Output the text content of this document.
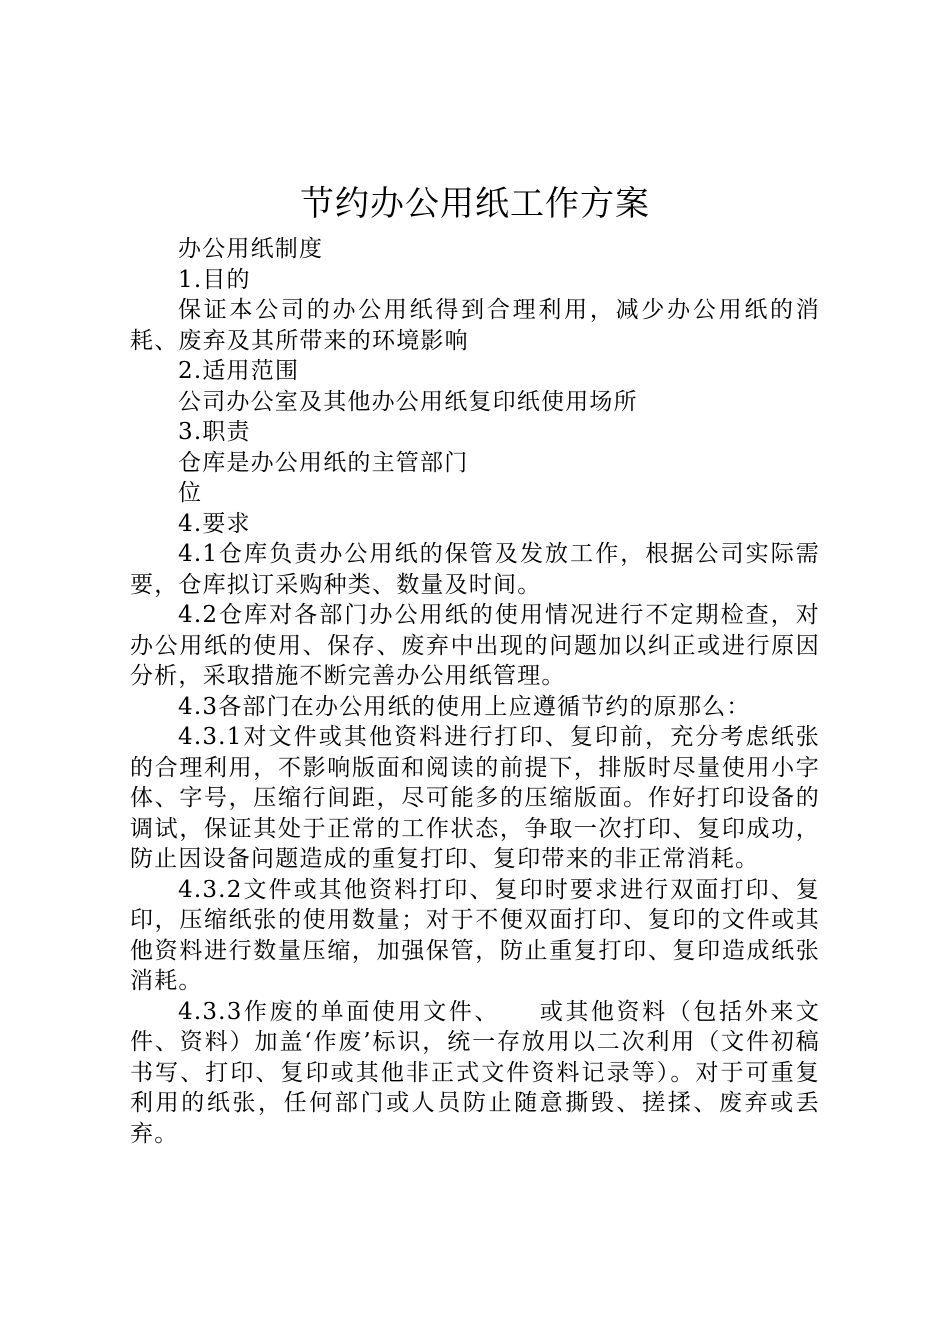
节约办公用纸工作方案

办公用纸制度

1.目的

保证本公司的办公用纸得到合理利用，减少办公用纸的消耗、废弃及其所带来的环境影响

2.适用范围

公司办公室及其他办公用纸复印纸使用场所

3.职责

仓库是办公用纸的主管部门

位

4.要求

4.1仓库负责办公用纸的保管及发放工作，根据公司实际需要，仓库拟订采购种类、数量及时间。

4.2仓库对各部门办公用纸的使用情况进行不定期检查，对办公用纸的使用、保存、废弃中出现的问题加以纠正或进行原因分析，采取措施不断完善办公用纸管理。

4.3各部门在办公用纸的使用上应遵循节约的原那么：

4.3.1对文件或其他资料进行打印、复印前，充分考虑纸张的合理利用，不影响版面和阅读的前提下，排版时尽量使用小字体、字号，压缩行间距，尽可能多的压缩版面。作好打印设备的调试，保证其处于正常的工作状态，争取一次打印、复印成功，防止因设备问题造成的重复打印、复印带来的非正常消耗。

4.3.2文件或其他资料打印、复印时要求进行双面打印、复印，压缩纸张的使用数量；对于不便双面打印、复印的文件或其他资料进行数量压缩，加强保管，防止重复打印、复印造成纸张消耗。

4.3.3作废的单面使用文件、　　或其他资料（包括外来文件、资料）加盖‘作废’标识，统一存放用以二次利用（文件初稿书写、打印、复印或其他非正式文件资料记录等）。对于可重复利用的纸张，任何部门或人员防止随意撕毁、搓揉、废弃或丢弃。
